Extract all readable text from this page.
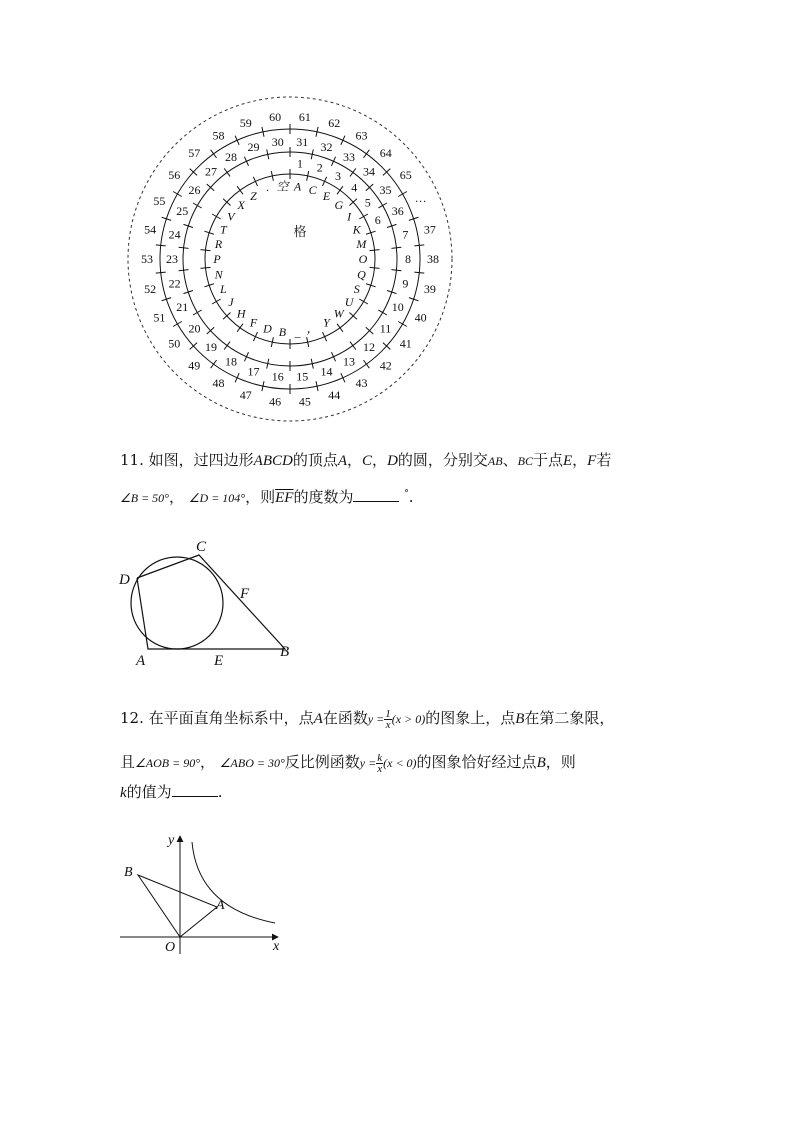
61 62
63
64
65
···
37
38
39
40
41
42
43
44
45
46
47
48
49
50
51
52
53
54
55
56
57
58
59 60
31 32
33
34
35
36
7
8
9
10
11
12
13
14
15
16
17
18
19
20
21
22
23
24
25
26
27
28
29 30
1 2
3
4
5
6
A C E
G
I
K
M
O
Q
S
U
W
Y
，
_
B
D
F
H
J
L
N
P
R
T
V
X
Z · 空
格
11. 如图，过四边形ABCD的顶点A，C，D的圆，分别交AB、BC于点E，F若
∠B = 50°， ∠D = 104°，则$\overline{EF}$的度数为	°.
C
D
F
A	E
B
12. 在平面直角坐标系中，点A在函数$y = \frac{1}{x} (x > 0)$的图象上，点B在第二象限，
且∠AOB = 90°， ∠ABO = 30°反比例函数$y = \frac{k}{x} (x < 0)$的图象恰好经过点B，则
k的值为	.
y
x
O
A
B
